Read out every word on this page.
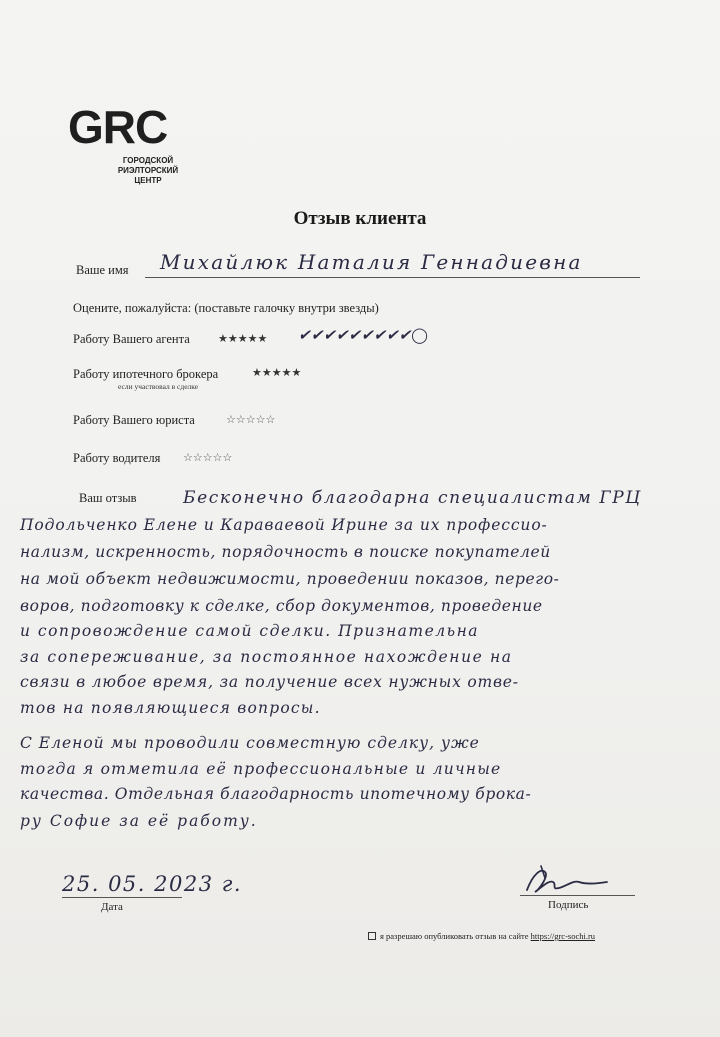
GRC
ГОРОДСКОЙ
РИЭЛТОРСКИЙ
ЦЕНТР
Отзыв клиента
Ваше имя Михайлюк Наталия Геннадиевна
Оцените, пожалуйста: (поставьте галочку внутри звезды)
Работу Вашего агента	★★★★★ ✔✔✔✔✔✔✔✔✔◯
Работу ипотечного брокера	★★★★★
если участвовал в сделке
Работу Вашего юриста	☆☆☆☆☆
Работу водителя ☆☆☆☆☆
Ваш отзыв	Бесконечно благодарна специалистам ГРЦ
Подольченко Елене и Караваевой Ирине за их профессио-
нализм, искренность, порядочность в поиске покупателей
на мой объект недвижимости, проведении показов, перего-
воров, подготовку к сделке, сбор документов, проведение
и сопровождение самой сделки. Признательна
за сопереживание, за постоянное нахождение на
связи в любое время, за получение всех нужных отве-
тов на появляющиеся вопросы.
С Еленой мы проводили совместную сделку, уже
тогда я отметила её профессиональные и личные
качества. Отдельная благодарность ипотечному брока-
ру Софие за её работу.
25. 05. 2023 г.
Дата	Подпись
я разрешаю опубликовать отзыв на сайте https://grc-sochi.ru
